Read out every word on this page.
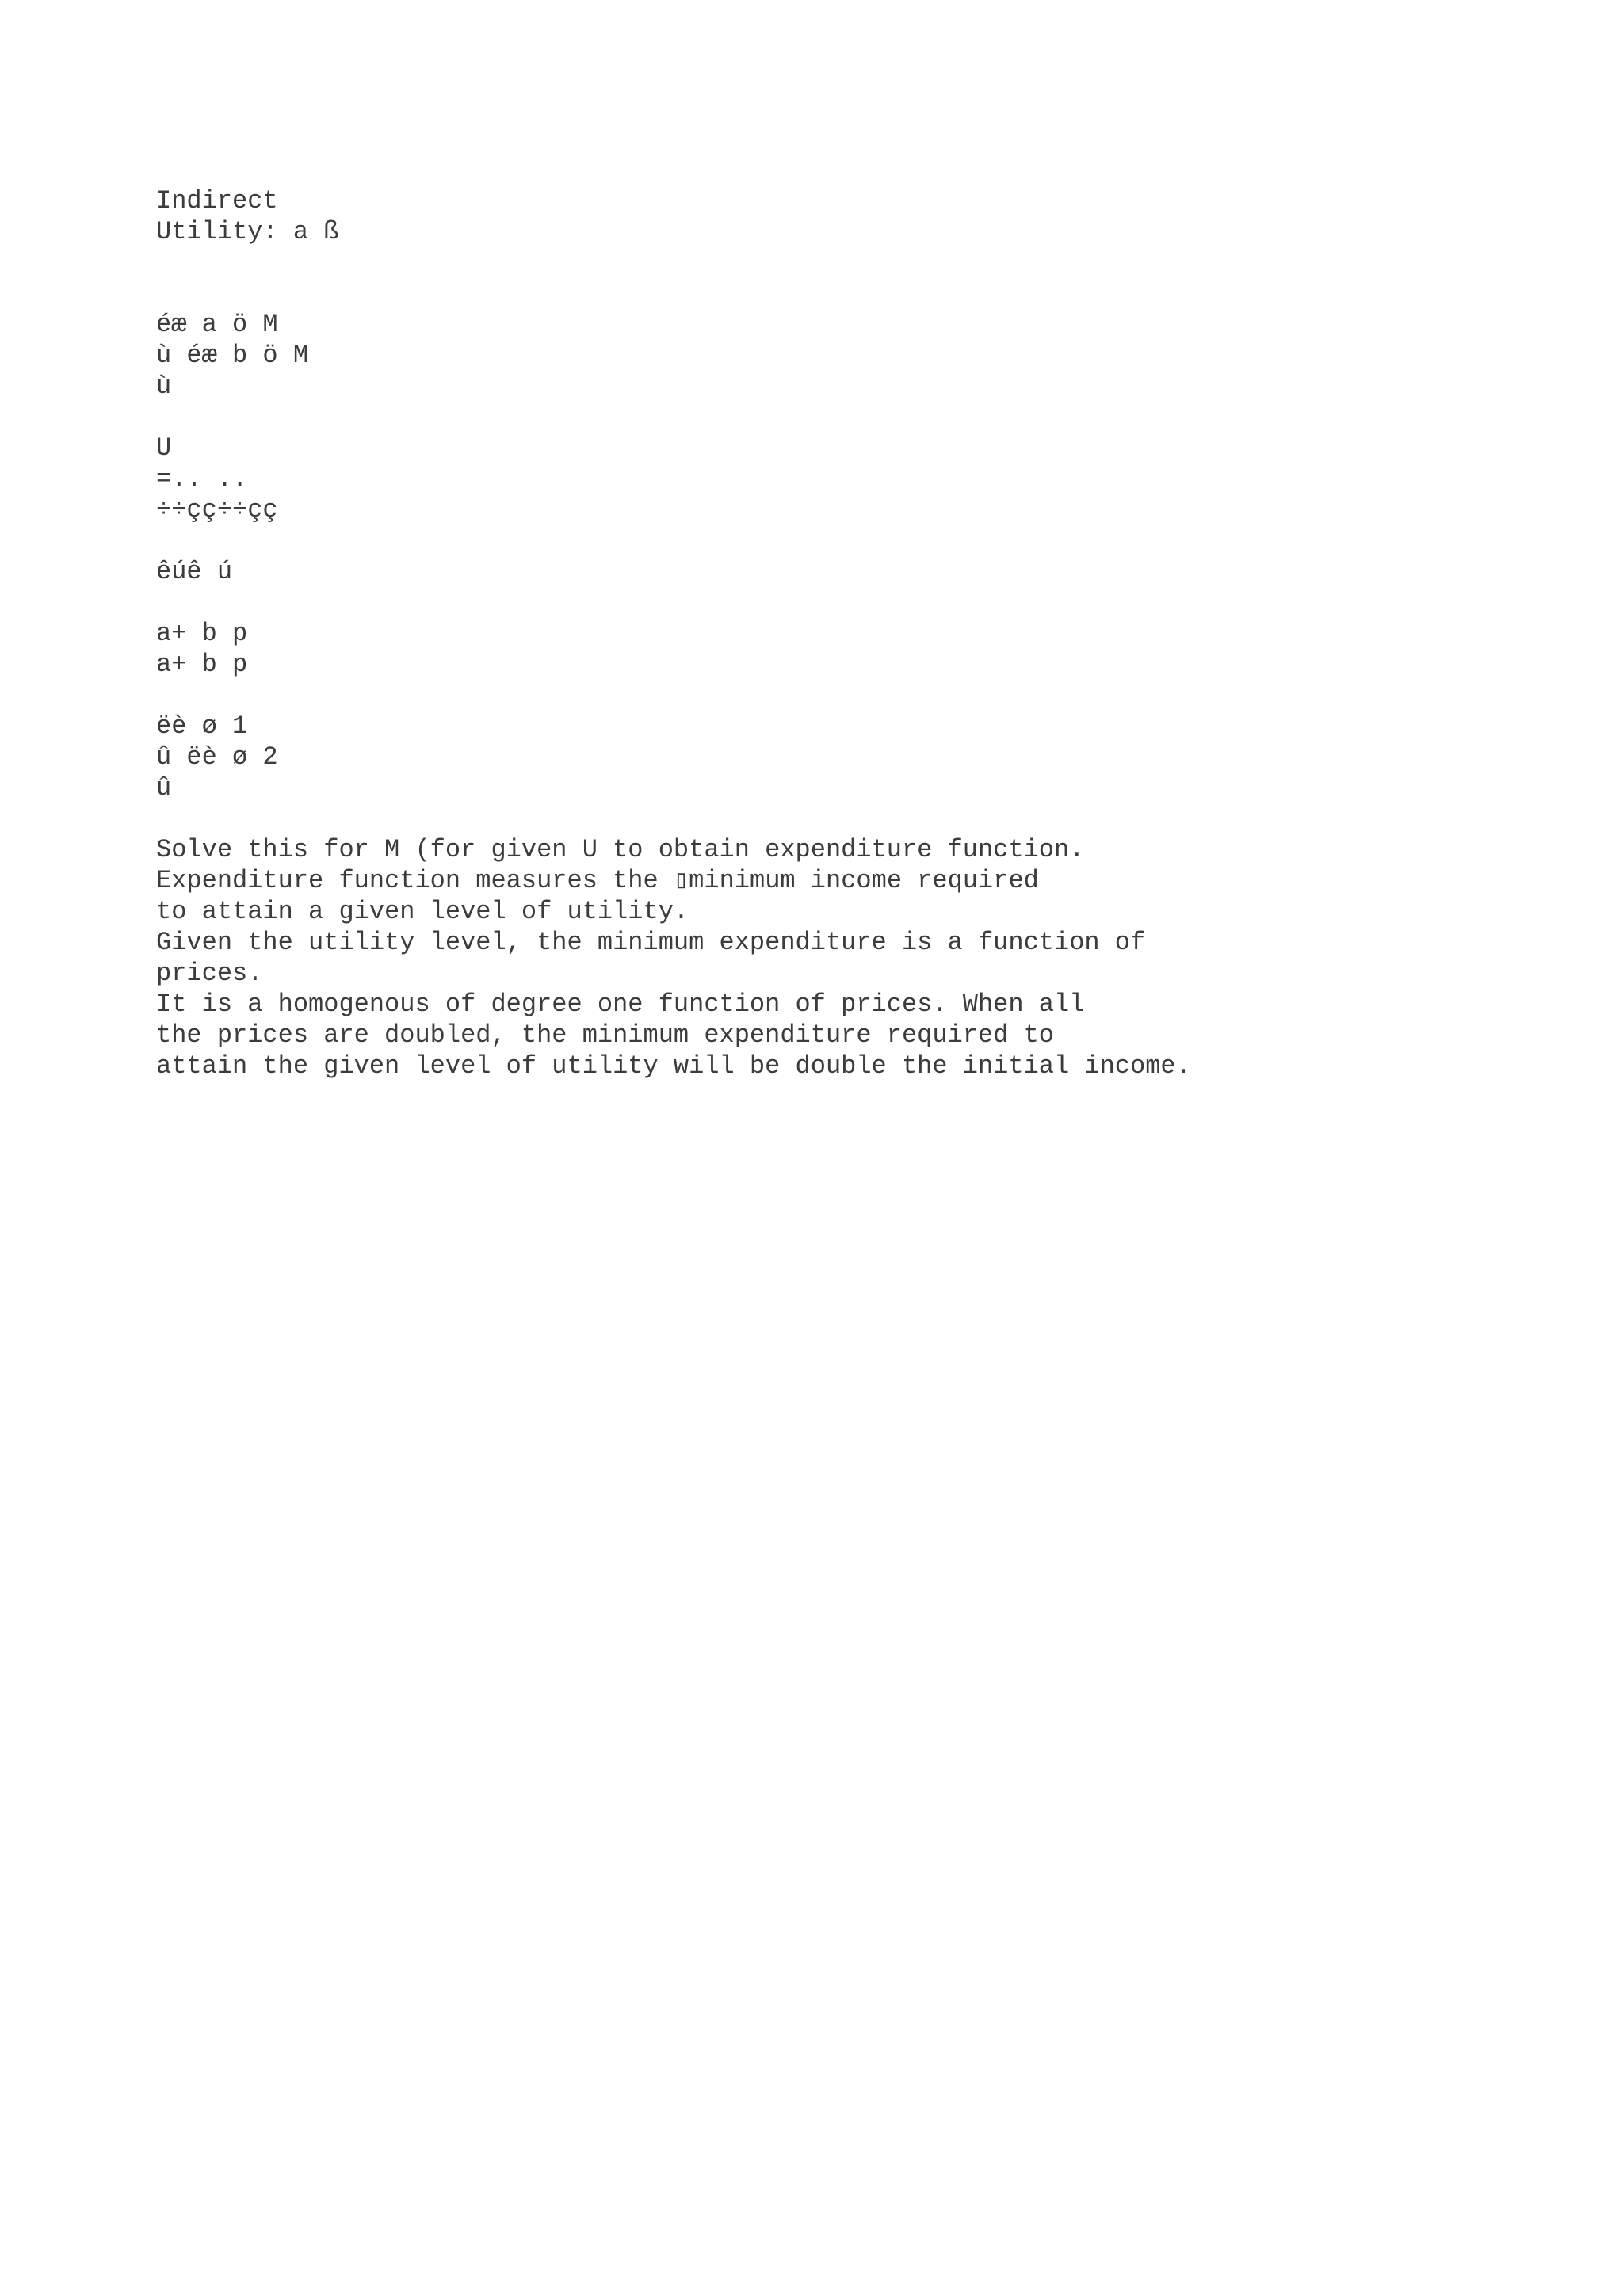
Indirect
Utility: a ß
éæ a ö M
ù éæ b ö M
ù
U
=.. ..
÷÷çç÷÷çç
êúê ú
a+ b p
a+ b p
ëè ø 1
û ëè ø 2
û
Solve this for M (for given U to obtain expenditure function.
Expenditure function measures the ▯minimum income required
to attain a given level of utility.
Given the utility level, the minimum expenditure is a function of
prices.
It is a homogenous of degree one function of prices. When all
the prices are doubled, the minimum expenditure required to
attain the given level of utility will be double the initial income.
